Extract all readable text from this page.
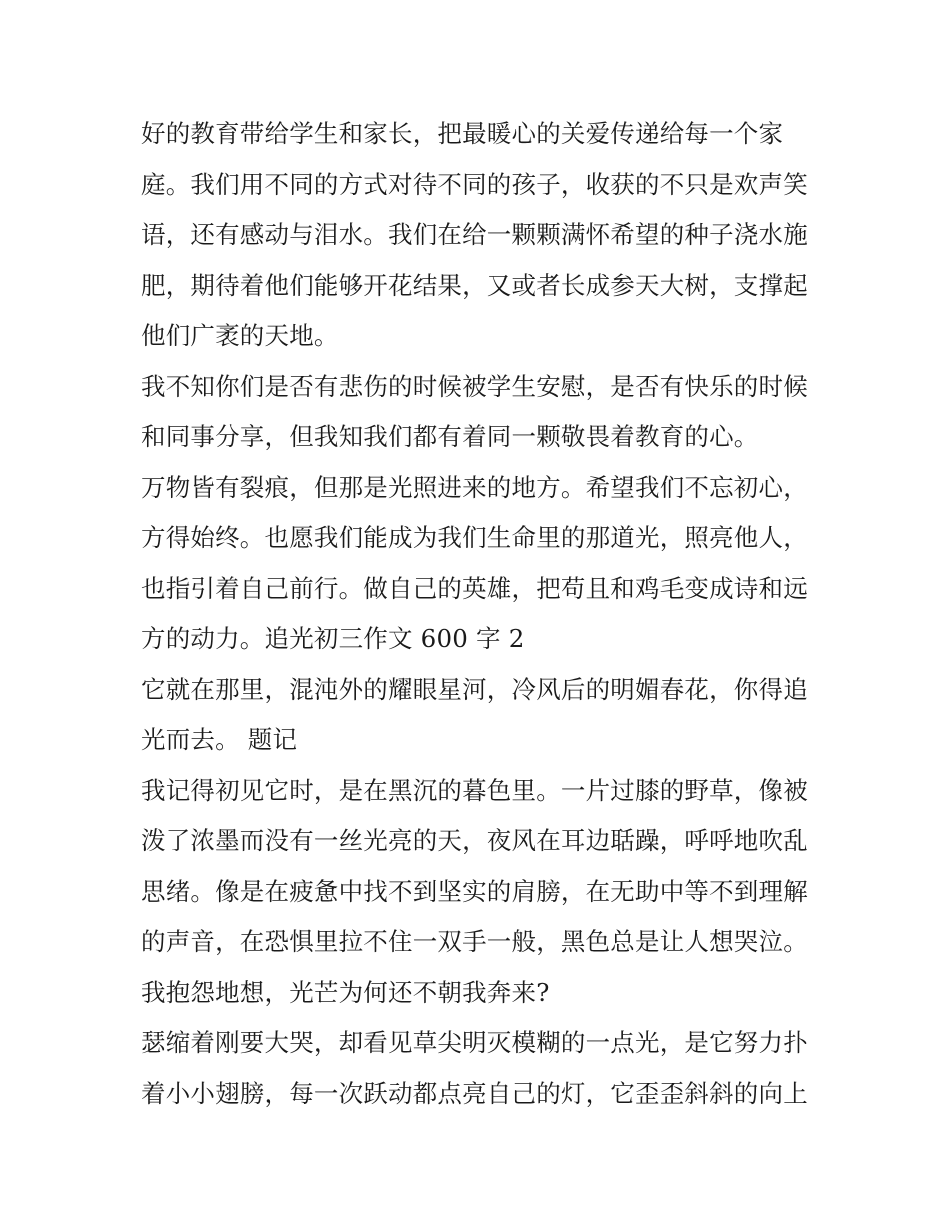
好的教育带给学生和家长，把最暖心的关爱传递给每一个家
庭。我们用不同的方式对待不同的孩子，收获的不只是欢声笑
语，还有感动与泪水。我们在给一颗颗满怀希望的种子浇水施
肥，期待着他们能够开花结果，又或者长成参天大树，支撑起
他们广袤的天地。
我不知你们是否有悲伤的时候被学生安慰，是否有快乐的时候
和同事分享，但我知我们都有着同一颗敬畏着教育的心。
万物皆有裂痕，但那是光照进来的地方。希望我们不忘初心，
方得始终。也愿我们能成为我们生命里的那道光，照亮他人，
也指引着自己前行。做自己的英雄，把苟且和鸡毛变成诗和远
方的动力。追光初三作文 600 字 2
它就在那里，混沌外的耀眼星河，冷风后的明媚春花，你得追
光而去。 题记
我记得初见它时，是在黑沉的暮色里。一片过膝的野草，像被
泼了浓墨而没有一丝光亮的天，夜风在耳边聒躁，呼呼地吹乱
思绪。像是在疲惫中找不到坚实的肩膀，在无助中等不到理解
的声音，在恐惧里拉不住一双手一般，黑色总是让人想哭泣。
我抱怨地想，光芒为何还不朝我奔来?
瑟缩着刚要大哭，却看见草尖明灭模糊的一点光，是它努力扑
着小小翅膀，每一次跃动都点亮自己的灯，它歪歪斜斜的向上
